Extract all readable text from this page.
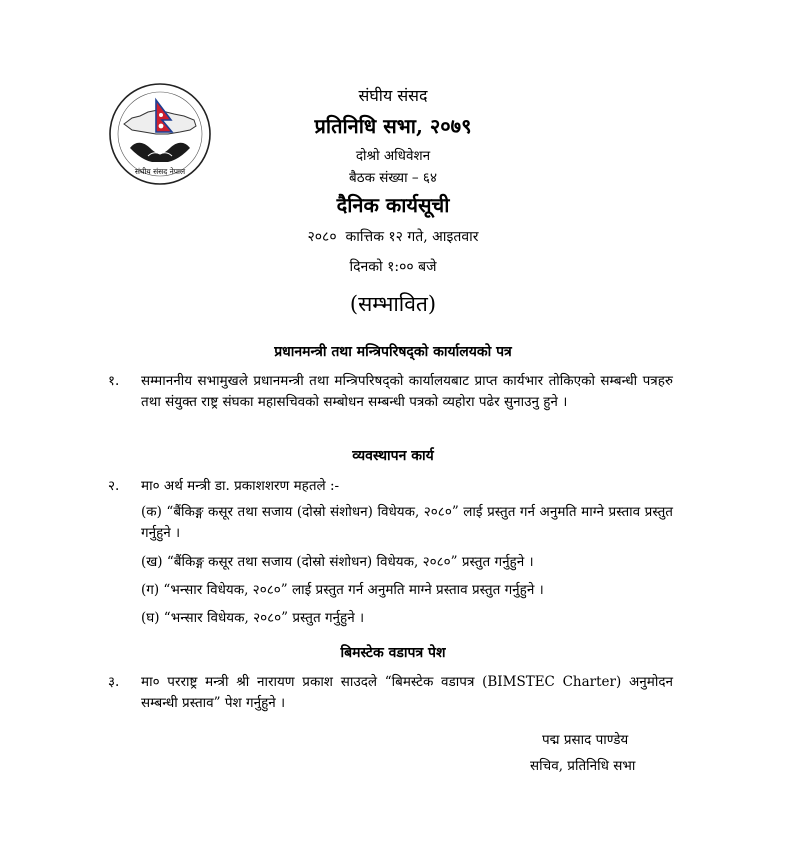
संघीय संसद नेपाल
संघीय संसद
प्रतिनिधि सभा, २०७९
दोश्रो अधिवेशन
बैठक संख्या – ६४
दैनिक कार्यसूची
२०८०  कात्तिक १२ गते, आइतवार
दिनको १:०० बजे
(सम्भावित)
प्रधानमन्त्री तथा मन्त्रिपरिषद्को कार्यालयको पत्र
१. सम्माननीय सभामुखले प्रधानमन्त्री तथा मन्त्रिपरिषद्को कार्यालयबाट प्राप्त कार्यभार तोकिएको सम्बन्धी पत्रहरु तथा संयुक्त राष्ट्र संघका महासचिवको सम्बोधन सम्बन्धी पत्रको व्यहोरा पढेर सुनाउनु हुने ।
व्यवस्थापन कार्य
२. मा० अर्थ मन्त्री डा. प्रकाशशरण महतले :-
(क) “बैंकिङ्ग कसूर तथा सजाय (दोस्रो संशोधन) विधेयक, २०८०” लाई प्रस्तुत गर्न अनुमति माग्ने प्रस्ताव प्रस्तुत गर्नुहुने ।
(ख) “बैंकिङ्ग कसूर तथा सजाय (दोस्रो संशोधन) विधेयक, २०८०” प्रस्तुत गर्नुहुने ।
(ग) “भन्सार विधेयक, २०८०” लाई प्रस्तुत गर्न अनुमति माग्ने प्रस्ताव प्रस्तुत गर्नुहुने ।
(घ) “भन्सार विधेयक, २०८०” प्रस्तुत गर्नुहुने ।
बिमस्टेक वडापत्र पेश
३. मा० परराष्ट्र मन्त्री श्री नारायण प्रकाश साउदले “बिमस्टेक वडापत्र (BIMSTEC Charter) अनुमोदन सम्बन्धी प्रस्ताव” पेश गर्नुहुने ।
पद्म प्रसाद पाण्डेय
सचिव, प्रतिनिधि सभा
